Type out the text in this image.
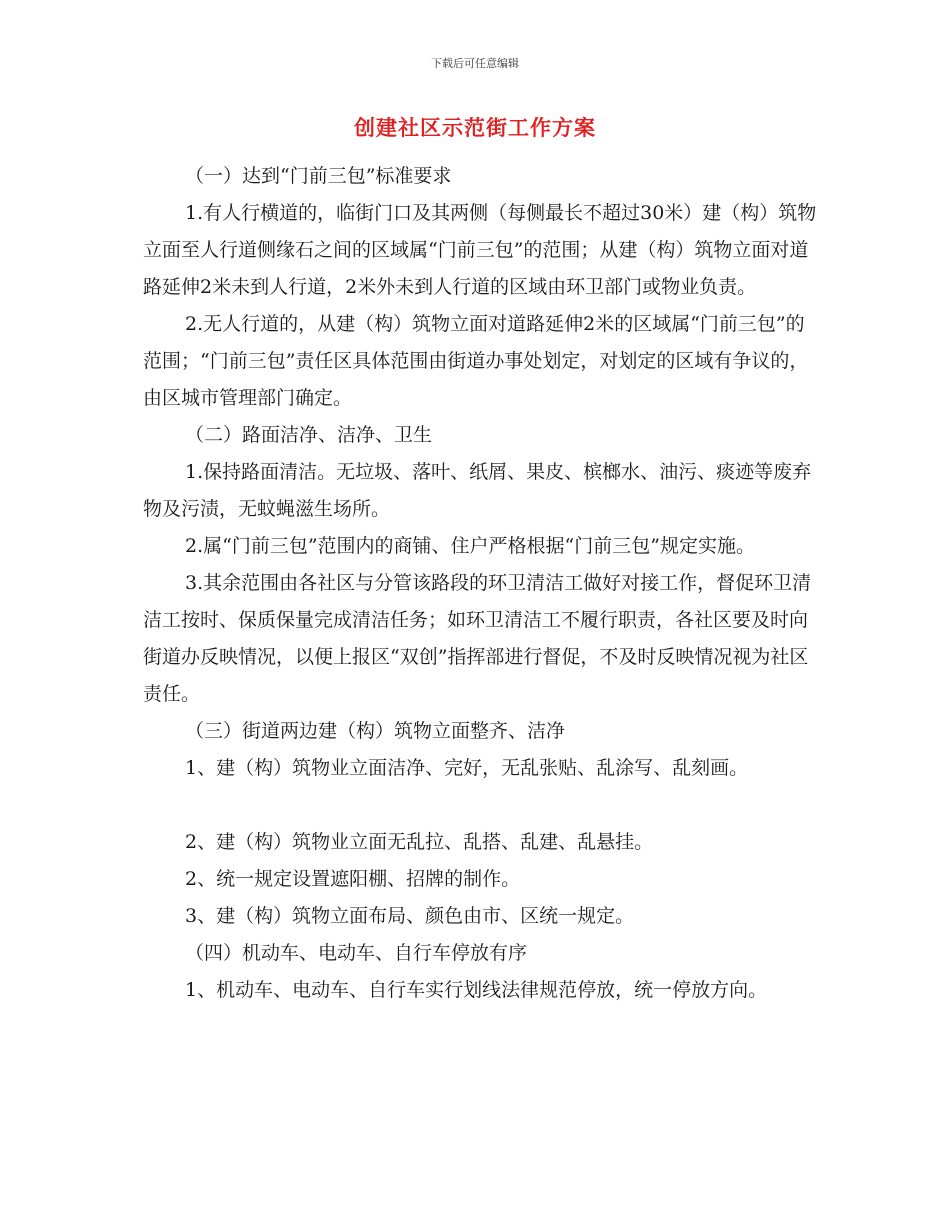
下载后可任意编辑
创建社区示范街工作方案

（一）达到“门前三包”标准要求

1.有人行横道的，临街门口及其两侧（每侧最长不超过30米）建（构）筑物立面至人行道侧缘石之间的区域属“门前三包”的范围；从建（构）筑物立面对道路延伸2米未到人行道，2米外未到人行道的区域由环卫部门或物业负责。

2.无人行道的，从建（构）筑物立面对道路延伸2米的区域属“门前三包”的范围；“门前三包”责任区具体范围由街道办事处划定，对划定的区域有争议的，由区城市管理部门确定。

（二）路面洁净、洁净、卫生

1.保持路面清洁。无垃圾、落叶、纸屑、果皮、槟榔水、油污、痰迹等废弃物及污渍，无蚊蝇滋生场所。

2.属“门前三包”范围内的商铺、住户严格根据“门前三包”规定实施。

3.其余范围由各社区与分管该路段的环卫清洁工做好对接工作，督促环卫清洁工按时、保质保量完成清洁任务；如环卫清洁工不履行职责，各社区要及时向街道办反映情况，以便上报区“双创”指挥部进行督促，不及时反映情况视为社区责任。

（三）街道两边建（构）筑物立面整齐、洁净

1、建（构）筑物业立面洁净、完好，无乱张贴、乱涂写、乱刻画。

2、建（构）筑物业立面无乱拉、乱搭、乱建、乱悬挂。

2、统一规定设置遮阳棚、招牌的制作。

3、建（构）筑物立面布局、颜色由市、区统一规定。

（四）机动车、电动车、自行车停放有序

1、机动车、电动车、自行车实行划线法律规范停放，统一停放方向。
